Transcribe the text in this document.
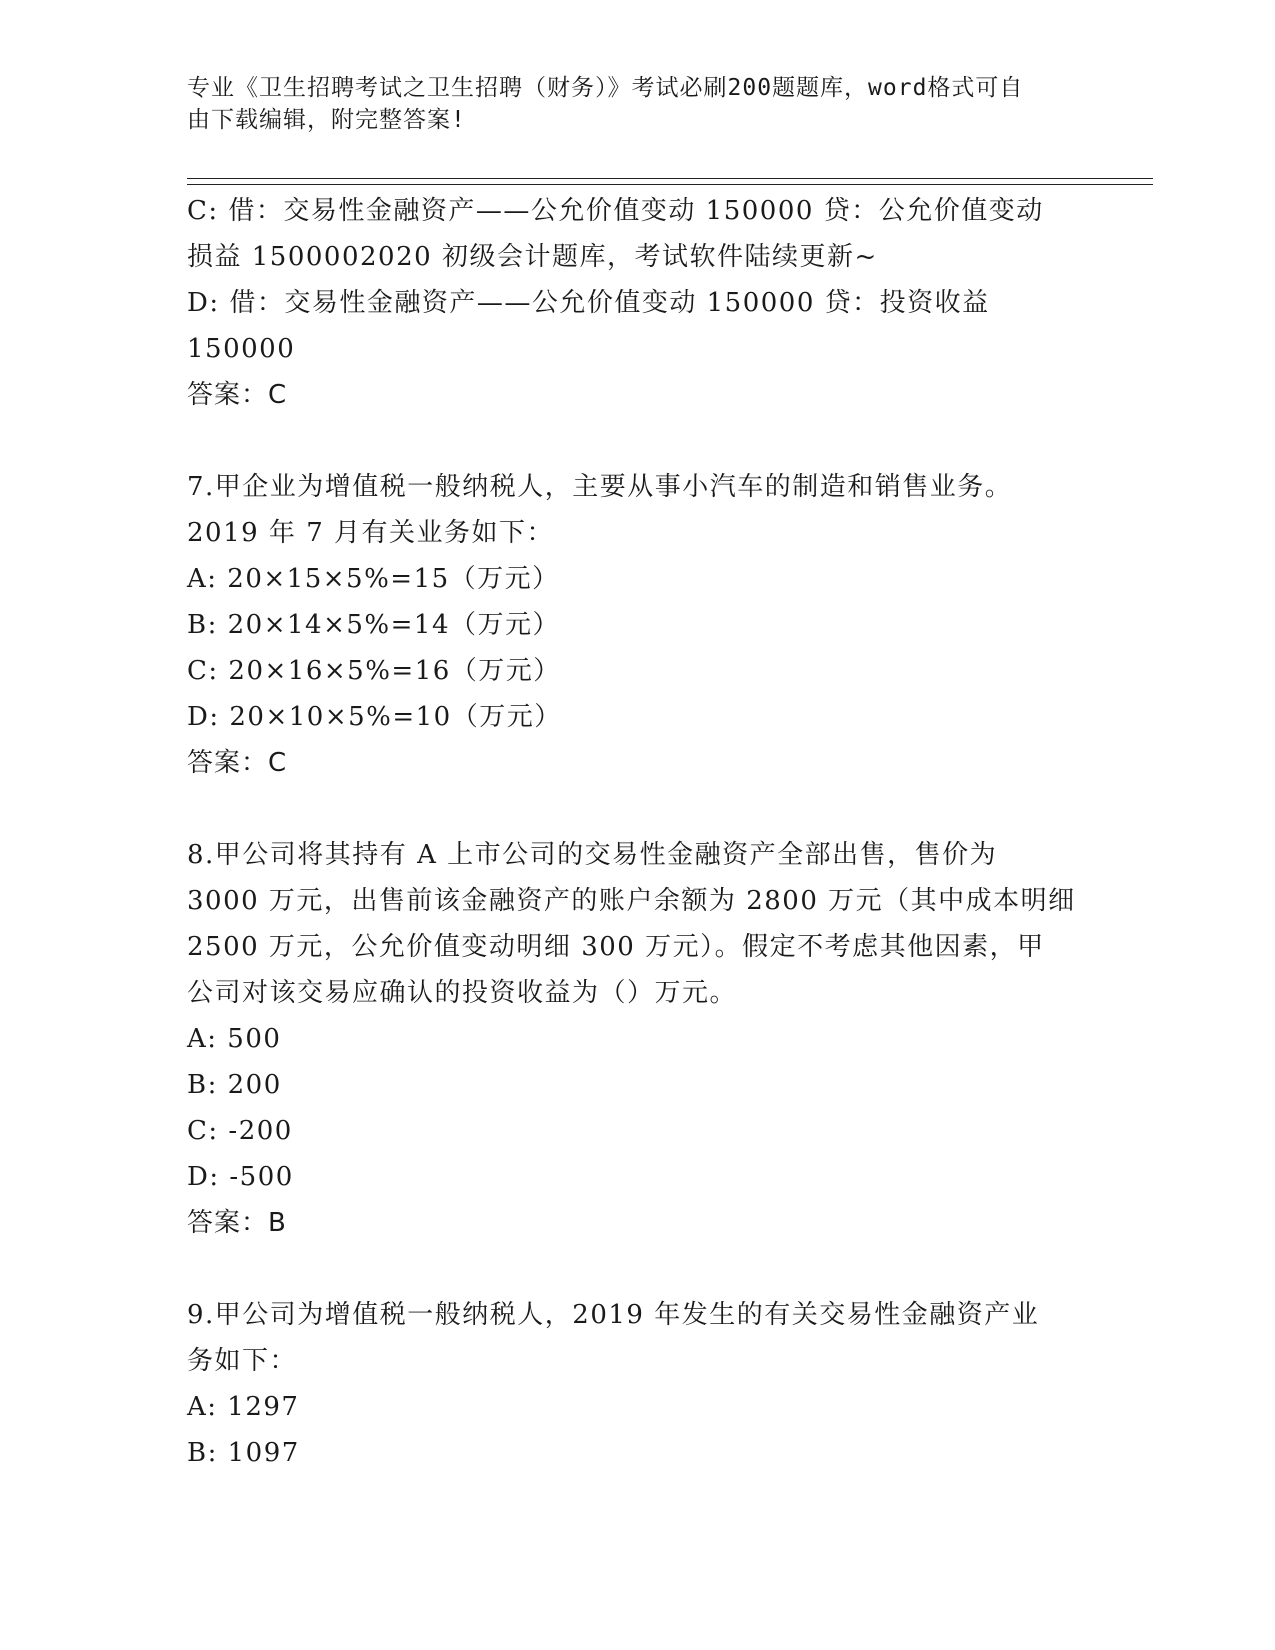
专业《卫生招聘考试之卫生招聘（财务）》考试必刷200题题库，word格式可自
由下载编辑，附完整答案!
C: 借：交易性金融资产——公允价值变动 150000 贷：公允价值变动
损益 1500002020 初级会计题库，考试软件陆续更新~
D: 借：交易性金融资产——公允价值变动 150000 贷：投资收益
150000
答案：C
7.甲企业为增值税一般纳税人，主要从事小汽车的制造和销售业务。
2019 年 7 月有关业务如下：
A: 20×15×5%=15（万元）
B: 20×14×5%=14（万元）
C: 20×16×5%=16（万元）
D: 20×10×5%=10（万元）
答案：C
8.甲公司将其持有 A 上市公司的交易性金融资产全部出售，售价为
3000 万元，出售前该金融资产的账户余额为 2800 万元（其中成本明细
2500 万元，公允价值变动明细 300 万元）。假定不考虑其他因素，甲
公司对该交易应确认的投资收益为（）万元。
A: 500
B: 200
C: -200
D: -500
答案：B
9.甲公司为增值税一般纳税人，2019 年发生的有关交易性金融资产业
务如下：
A: 1297
B: 1097
